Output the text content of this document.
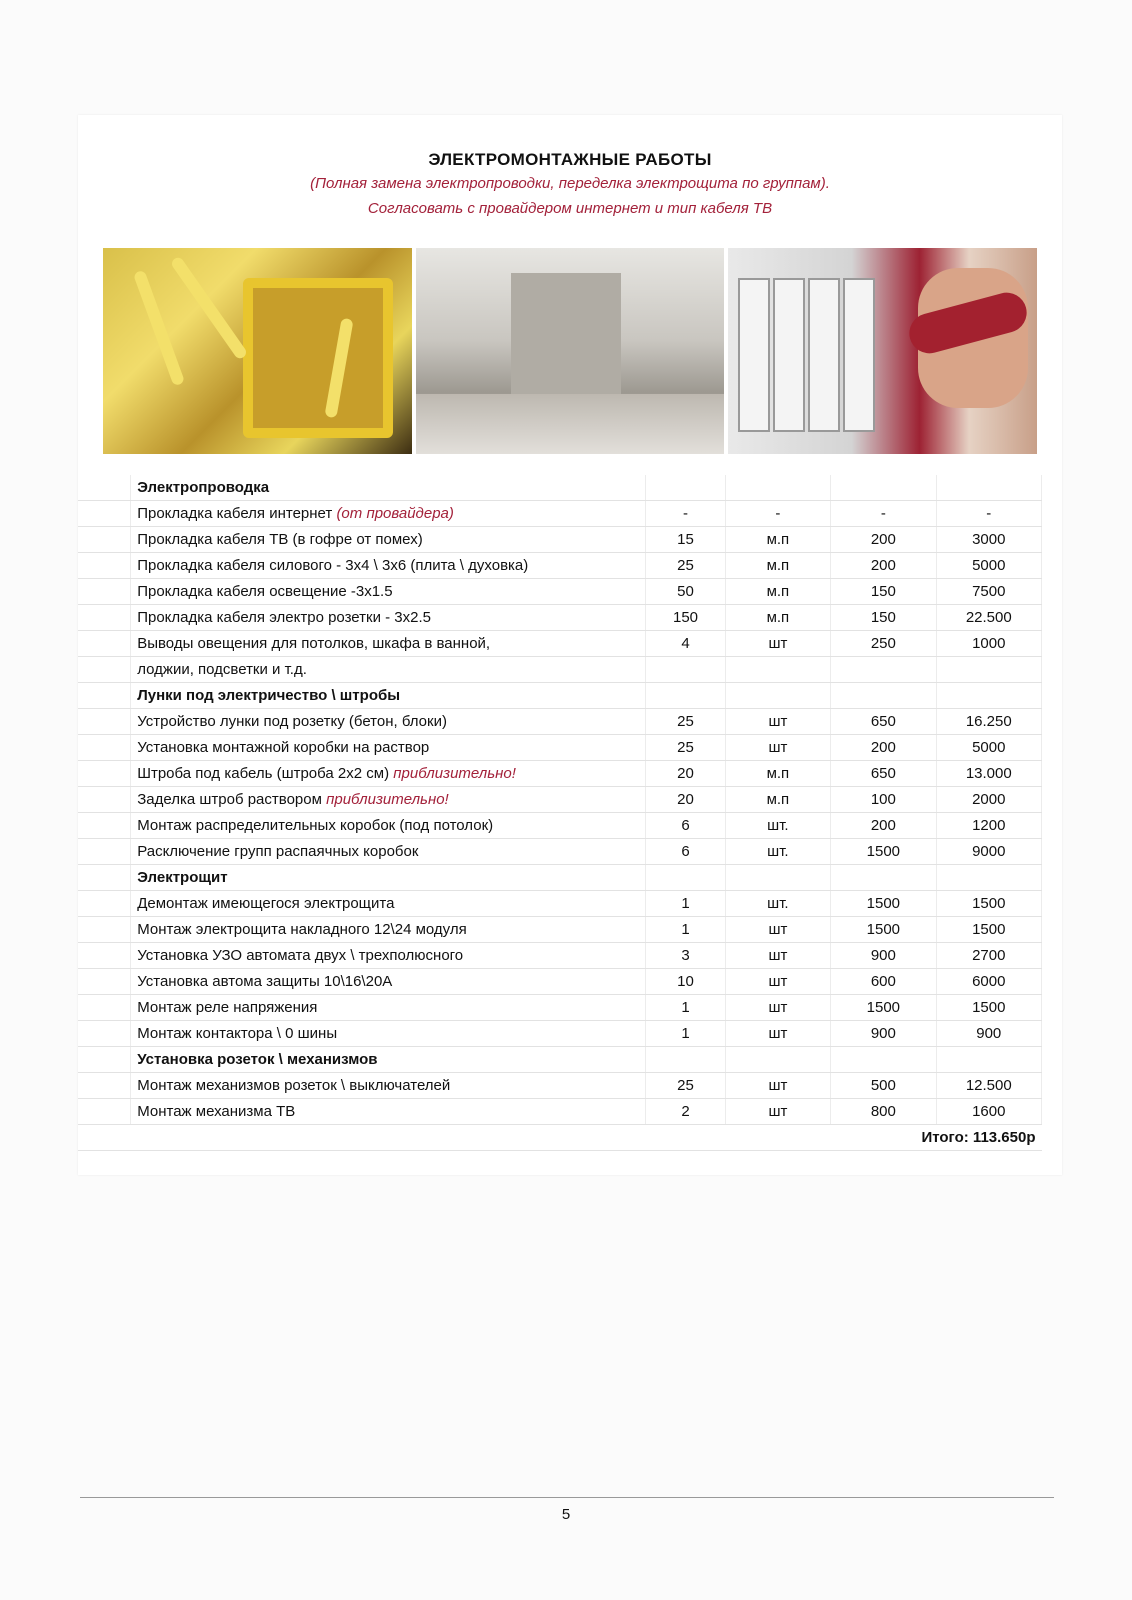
ЭЛЕКТРОМОНТАЖНЫЕ РАБОТЫ
(Полная замена электропроводки, переделка электрощита по группам).
Согласовать с провайдером интернет и тип кабеля ТВ
	Электропроводка				
	Прокладка кабеля интернет (от провайдера)	-	-	-	-
	Прокладка кабеля ТВ (в гофре от помех)	15	м.п	200	3000
	Прокладка кабеля силового - 3х4 \ 3х6 (плита \ духовка)	25	м.п	200	5000
	Прокладка кабеля освещение -3х1.5	50	м.п	150	7500
	Прокладка кабеля электро розетки - 3х2.5	150	м.п	150	22.500
	Выводы овещения для потолков, шкафа в ванной,	4	шт	250	1000
	лоджии, подсветки и т.д.				
	Лунки под электричество \ штробы				
	Устройство лунки под розетку (бетон, блоки)	25	шт	650	16.250
	Установка монтажной коробки на раствор	25	шт	200	5000
	Штроба под кабель (штроба 2х2 см) приблизительно!	20	м.п	650	13.000
	Заделка штроб раствором приблизительно!	20	м.п	100	2000
	Монтаж распределительных коробок (под потолок)	6	шт.	200	1200
	Расключение групп распаячных коробок	6	шт.	1500	9000
	Электрощит				
	Демонтаж имеющегося электрощита	1	шт.	1500	1500
	Монтаж электрощита накладного 12\24 модуля	1	шт	1500	1500
	Установка УЗО автомата двух \ трехполюсного	3	шт	900	2700
	Установка автома защиты 10\16\20А	10	шт	600	6000
	Монтаж реле напряжения	1	шт	1500	1500
	Монтаж контактора \ 0 шины	1	шт	900	900
	Установка розеток \ механизмов				
	Монтаж механизмов розеток \ выключателей	25	шт	500	12.500
	Монтаж механизма ТВ	2	шт	800	1600
	Итого: 113.650р				
5
